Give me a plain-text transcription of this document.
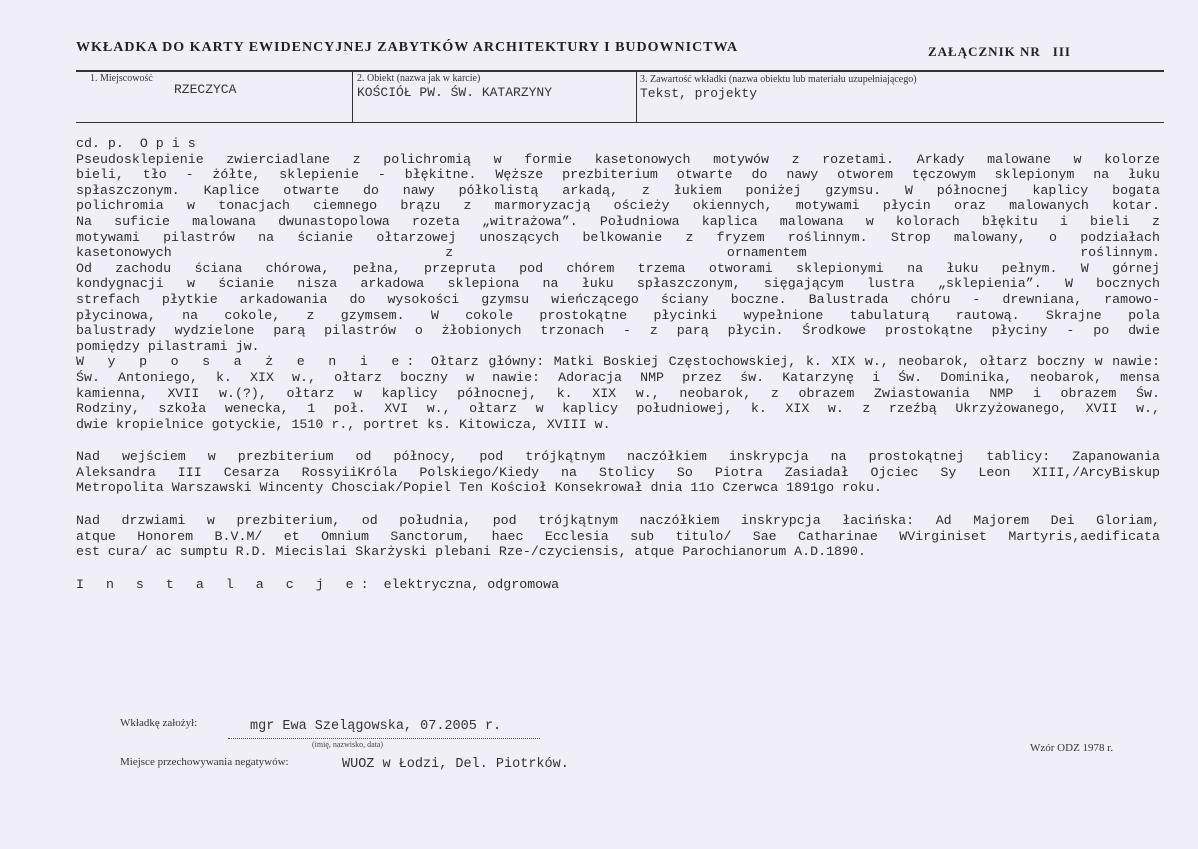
WKŁADKA DO KARTY EWIDENCYJNEJ ZABYTKÓW ARCHITEKTURY I BUDOWNICTWA	ZAŁĄCZNIK NR III
1. Miejscowość
RZECZYCA
2. Obiekt (nazwa jak w karcie)
KOŚCIÓŁ PW. ŚW. KATARZYNY
3. Zawartość wkładki (nazwa obiektu lub materiału uzupełniającego)
Tekst, projekty

cd. p.  O p i s

Pseudosklepienie zwierciadlane z polichromią w formie kasetonowych motywów z rozetami. Arkady malowane w kolorze

bieli, tło - żółte, sklepienie - błękitne. Węższe prezbiterium otwarte do nawy otworem tęczowym sklepionym na łuku

spłaszczonym. Kaplice otwarte do nawy półkolistą arkadą, z łukiem poniżej gzymsu. W północnej kaplicy bogata

polichromia w tonacjach ciemnego brązu z marmoryzacją ościeży okiennych, motywami płycin oraz malowanych kotar.

Na suficie malowana dwunastopolowa rozeta „witrażowa”. Południowa kaplica malowana w kolorach błękitu i bieli z

motywami pilastrów na ścianie ołtarzowej unoszących belkowanie z fryzem roślinnym. Strop malowany, o podziałach

kasetonowych z ornamentem roślinnym.

Od zachodu ściana chórowa, pełna, przepruta pod chórem trzema otworami sklepionymi na łuku pełnym. W górnej

kondygnacji w ścianie nisza arkadowa sklepiona na łuku spłaszczonym, sięgającym lustra „sklepienia”. W bocznych

strefach płytkie arkadowania do wysokości gzymsu wieńczącego ściany boczne. Balustrada chóru - drewniana, ramowo-

płycinowa, na cokole, z gzymsem. W cokole prostokątne płycinki wypełnione tabulaturą rautową. Skrajne pola

balustrady wydzielone parą pilastrów o żłobionych trzonach - z parą płycin. Środkowe prostokątne płyciny - po dwie

pomiędzy pilastrami jw.

W y p o s a ż e n i e: Ołtarz główny: Matki Boskiej Częstochowskiej, k. XIX w., neobarok, ołtarz boczny w nawie:

Św. Antoniego, k. XIX w., ołtarz boczny w nawie: Adoracja NMP przez św. Katarzynę i Św. Dominika, neobarok, mensa

kamienna, XVII w.(?), ołtarz w kaplicy północnej, k. XIX w., neobarok, z obrazem Zwiastowania NMP i obrazem Św.

Rodziny, szkoła wenecka, 1 poł. XVI w., ołtarz w kaplicy południowej, k. XIX w. z rzeźbą Ukrzyżowanego, XVII w.,

dwie kropielnice gotyckie, 1510 r., portret ks. Kitowicza, XVIII w.

Nad wejściem w prezbiterium od północy, pod trójkątnym naczółkiem inskrypcja na prostokątnej tablicy: Zapanowania

Aleksandra III Cesarza RossyiiKróla Polskiego/Kiedy na Stolicy So Piotra Zasiadał Ojciec Sy Leon XIII,/ArcyBiskup

Metropolita Warszawski Wincenty Chosciak/Popiel Ten Kościoł Konsekrował dnia 11o Czerwca 1891go roku.

Nad drzwiami w prezbiterium, od południa, pod trójkątnym naczółkiem inskrypcja łacińska: Ad Majorem Dei Gloriam,

atque Honorem B.V.M/ et Omnium Sanctorum, haec Ecclesia sub titulo/ Sae Catharinae WVirginiset Martyris,aedificata

est cura/ ac sumptu R.D. Miecislai Skarżyski plebani Rze-/czyciensis, atque Parochianorum A.D.1890.

I n s t a l a c j e: elektryczna, odgromowa

Wkładkę założył:	mgr Ewa Szelągowska, 07.2005 r.
(imię, nazwisko, data)	Wzór ODZ 1978 r.
Miejsce przechowywania negatywów:	WUOZ w Łodzi, Del. Piotrków.
